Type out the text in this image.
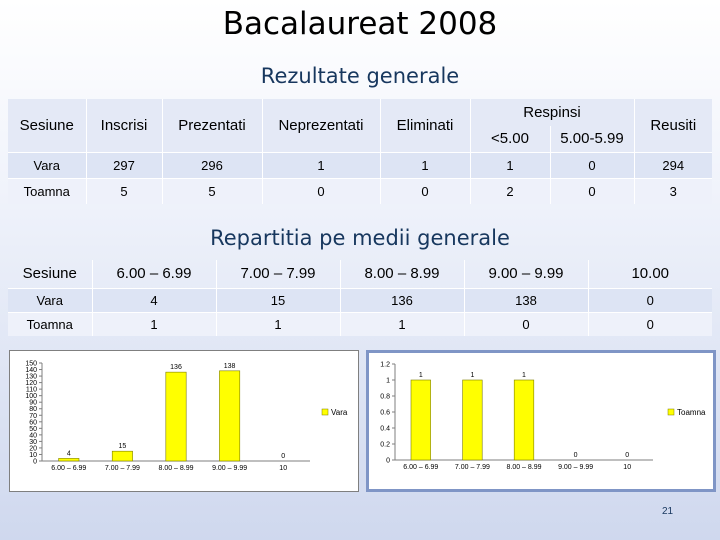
Bacalaureat 2008
Rezultate generale
Sesiune	Inscrisi	Prezentati	Neprezentati	Eliminati	Respinsi		Reusiti
					<5.00	5.00-5.99	
Vara	297	296	1	1	1	0	294
Toamna	5	5	0	0	2	0	3
Repartitia pe medii generale
Sesiune	6.00 – 6.99	7.00 – 7.99	8.00 – 8.99	9.00 – 9.99	10.00
Vara	4	15	136	138	0
Toamna	1	1	1	0	0
0
10
20
30
40
50
60
70
80
90
100
110
120
130
140
150
4
6.00 – 6.99
15
7.00 – 7.99
136
8.00 – 8.99
138
9.00 – 9.99
0
10
Vara
0
0.2
0.4
0.6
0.8
1
1.2
1
6.00 – 6.99
1
7.00 – 7.99
1
8.00 – 8.99
0
9.00 – 9.99
0
10
Toamna
21
